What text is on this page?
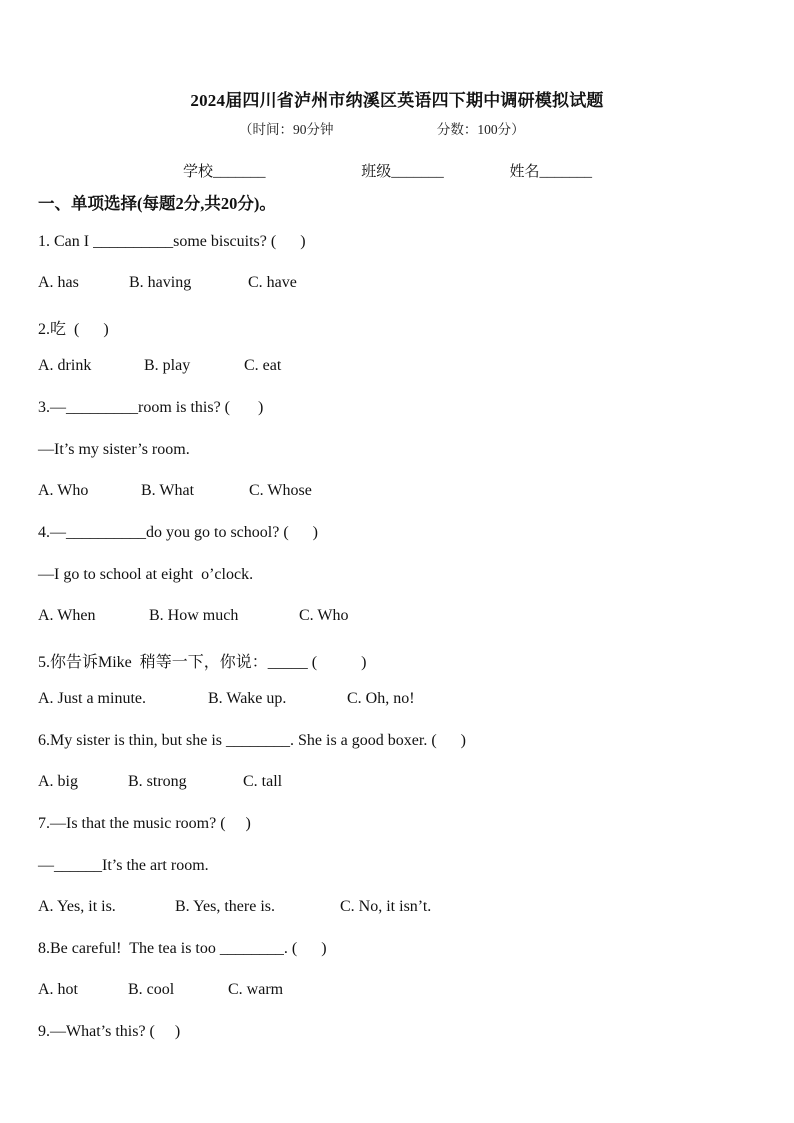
2024届四川省泸州市纳溪区英语四下期中调研模拟试题
（时间：90分钟	分数：100分）
学校_______	班级_______	姓名_______
一、单项选择(每题2分,共20分)。
1. Can I __________some biscuits? (      )
A. has	B. having	C. have
2.吃  (      )
A. drink	B. play	C. eat
3.—_________room is this? (       )
—It’s my sister’s room.
A. Who	B. What	C. Whose
4.—__________do you go to school? (      )
—I go to school at eight  o’clock.
A. When	B. How much	C. Who
5.你告诉Mike  稍等一下，你说：_____ (           )
A. Just a minute.	B. Wake up.	C. Oh, no!
6.My sister is thin, but she is ________. She is a good boxer. (      )
A. big	B. strong	C. tall
7.—Is that the music room? (     )
—______It’s the art room.
A. Yes, it is.	B. Yes, there is.	C. No, it isn’t.
8.Be careful!  The tea is too ________. (      )
A. hot	B. cool	C. warm
9.—What’s this? (     )
